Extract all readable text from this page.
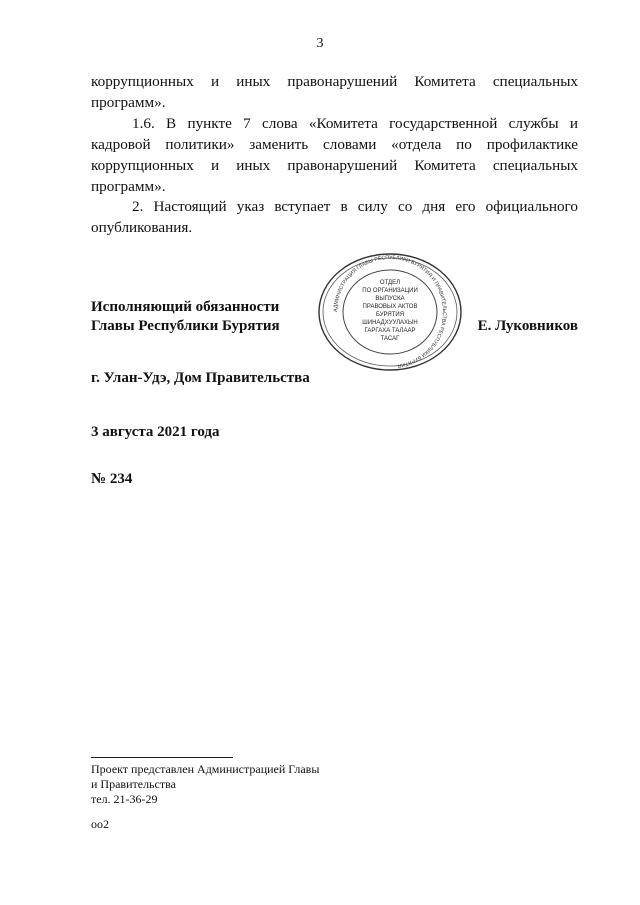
3

коррупционных и иных правонарушений Комитета специальных программ».

1.6. В пункте 7 слова «Комитета государственной службы и кадровой политики» заменить словами «отдела по профилактике коррупционных и иных правонарушений Комитета специальных программ».

2. Настоящий указ вступает в силу со дня его официального опубликования.

Исполняющий обязанности
Главы Республики Бурятия
АДМИНИСТРАЦИЯ ГЛАВЫ РЕСПУБЛИКИ БУРЯТИЯ И ПРАВИТЕЛЬСТВА РЕСПУБЛИКИ БУРЯТИЯ
ОТДЕЛ
ПО ОРГАНИЗАЦИИ
ВЫПУСКА
ПРАВОВЫХ АКТОВ
БУРЯТИЯ
ШИНАДХУУЛАХЫН
ГАРГАХА ТАЛААР
ТАСАГ
Е. Луковников
г. Улан-Удэ, Дом Правительства
3 августа 2021 года
№ 234
Проект представлен Администрацией Главы
и Правительства
тел. 21-36-29
оо2
